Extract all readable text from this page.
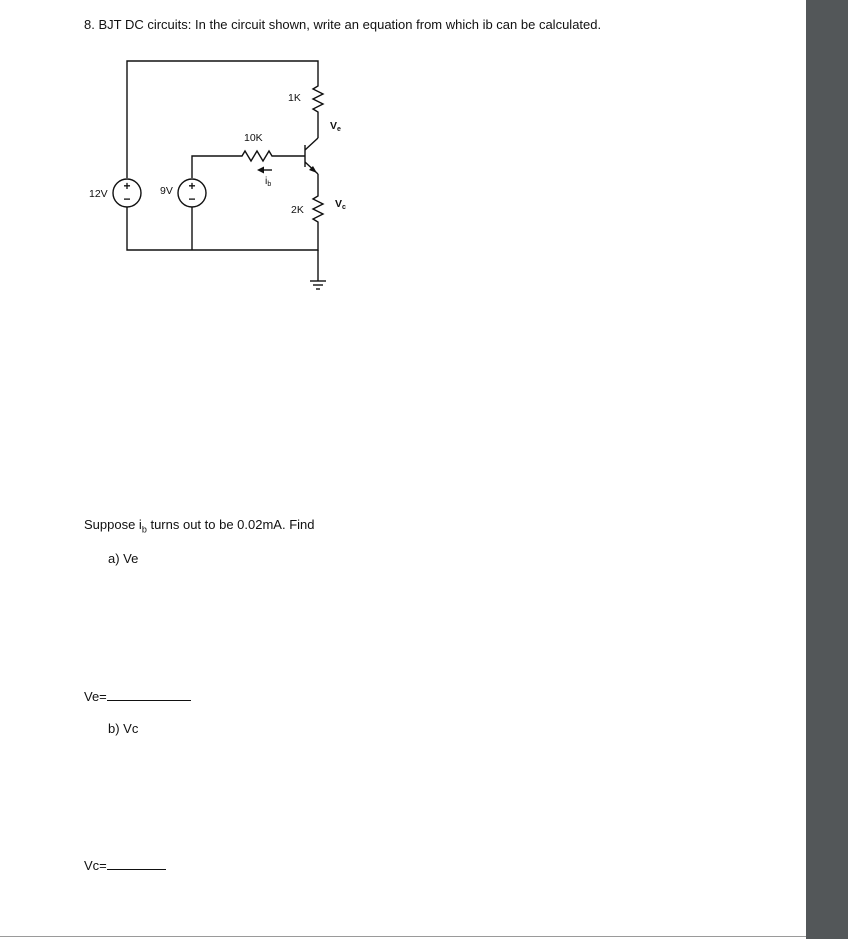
8. BJT DC circuits: In the circuit shown, write an equation from which ib can be calculated.
+
−
+
−
12V	9V
10K
1K
2K
ib
Ve
Vc
Suppose $i_b$ turns out to be 0.02mA. Find
a) Ve
Ve=
b) Vc
Vc=
